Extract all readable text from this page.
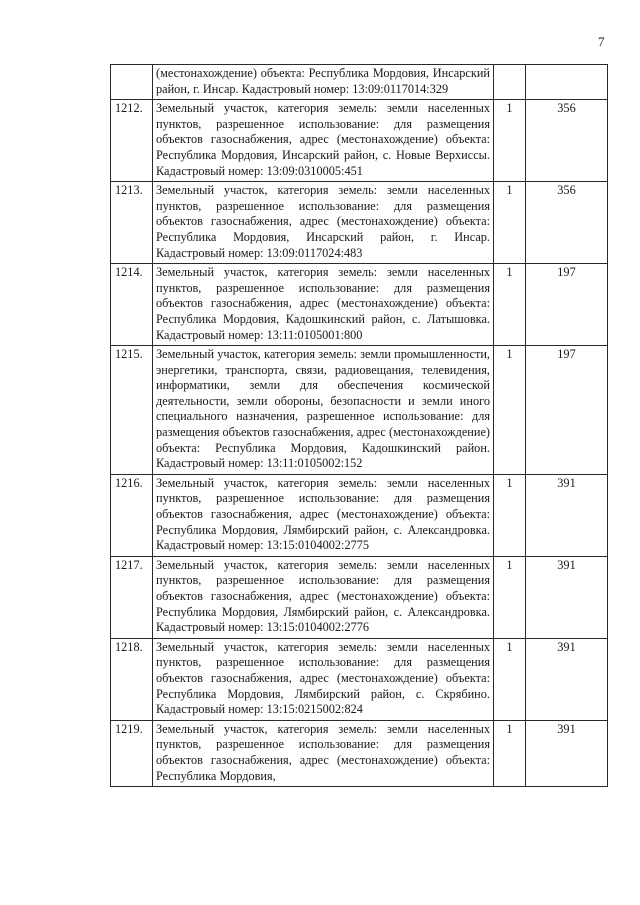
7
	(местонахождение) объекта: Республика Мордовия, Инсарский район, г. Инсар. Кадастровый номер: 13:09:0117014:329		
1212.	Земельный участок, категория земель: земли населенных пунктов, разрешенное использование: для размещения объектов газоснабжения, адрес (местонахождение) объекта: Республика Мордовия, Инсарский район, с. Новые Верхиссы. Кадастровый номер: 13:09:0310005:451	1	356
1213.	Земельный участок, категория земель: земли населенных пунктов, разрешенное использование: для размещения объектов газоснабжения, адрес (местонахождение) объекта: Республика Мордовия, Инсарский район, г. Инсар. Кадастровый номер: 13:09:0117024:483	1	356
1214.	Земельный участок, категория земель: земли населенных пунктов, разрешенное использование: для размещения объектов газоснабжения, адрес (местонахождение) объекта: Республика Мордовия, Кадошкинский район, с. Латышовка. Кадастровый номер: 13:11:0105001:800	1	197
1215.	Земельный участок, категория земель: земли промышленности, энергетики, транспорта, связи, радиовещания, телевидения, информатики, земли для обеспечения космической деятельности, земли обороны, безопасности и земли иного специального назначения, разрешенное использование: для размещения объектов газоснабжения, адрес (местонахождение) объекта: Республика Мордовия, Кадошкинский район. Кадастровый номер: 13:11:0105002:152	1	197
1216.	Земельный участок, категория земель: земли населенных пунктов, разрешенное использование: для размещения объектов газоснабжения, адрес (местонахождение) объекта: Республика Мордовия, Лямбирский район, с. Александровка. Кадастровый номер: 13:15:0104002:2775	1	391
1217.	Земельный участок, категория земель: земли населенных пунктов, разрешенное использование: для размещения объектов газоснабжения, адрес (местонахождение) объекта: Республика Мордовия, Лямбирский район, с. Александровка. Кадастровый номер: 13:15:0104002:2776	1	391
1218.	Земельный участок, категория земель: земли населенных пунктов, разрешенное использование: для размещения объектов газоснабжения, адрес (местонахождение) объекта: Республика Мордовия, Лямбирский район, с. Скрябино. Кадастровый номер: 13:15:0215002:824	1	391
1219.	Земельный участок, категория земель: земли населенных пунктов, разрешенное использование: для размещения объектов газоснабжения, адрес (местонахождение) объекта: Республика Мордовия,	1	391
